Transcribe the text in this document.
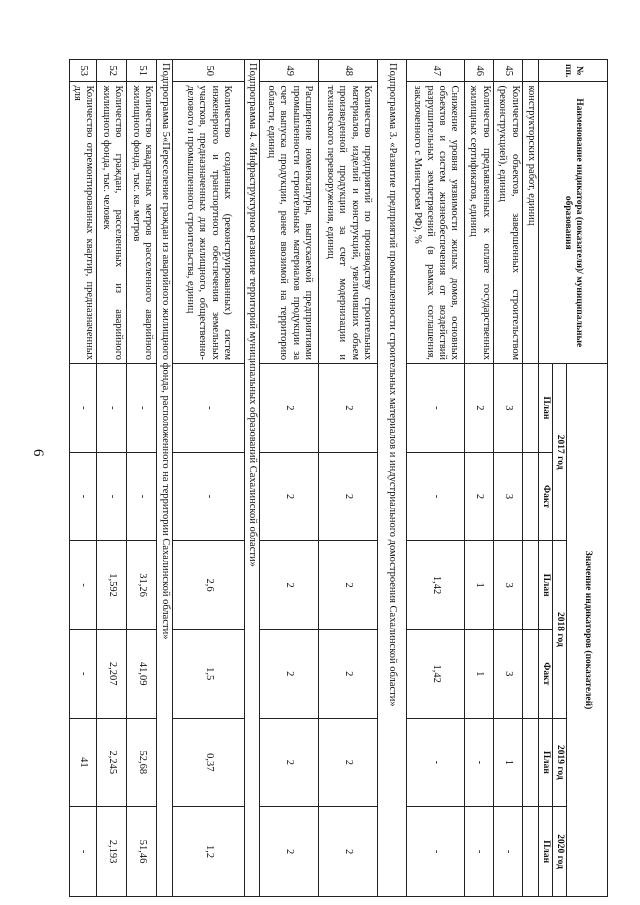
6
№ пп.	Наименование индикатора (показателя)/ муниципальные образования	Значение индикаторов (показателей)					
		2017 год		2018 год		2019 год	2020 год
		План	Факт	План	Факт	План	План
	конструкторских работ, единиц						
45	Количество объектов, завершенных строительством (реконструкцией), единиц	3	3	3	3	1	-
46	Количество предъявленных к оплате государственных жилищных сертификатов, единиц	2	2	1	1	-	-
47	Снижение уровня уязвимости жилых домов, основных объектов и систем жизнеобеспечения от воздействий разрушительных землетрясений (в рамках соглашения, заключенного с Минстроем РФ), %	-	-	1,42	1,42	-	-
Подпрограмма 3. «Развитие предприятий промышленности строительных материалов и индустриального домостроения Сахалинской области»							
48	Количество предприятий по производству строительных материалов, изделий и конструкций, увеличивших объем произведенной продукции за счет модернизации и технического перевооружения, единиц	2	2	2	2	2	2
49	Расширение номенклатуры, выпускаемой предприятиями промышленности строительных материалов продукции за счет выпуска продукции, ранее ввозимой на территорию области, единиц	2	2	2	2	2	2
Подпрограмма 4. «Инфраструктурное развитие территорий муниципальных образований Сахалинской области»							
50	Количество созданных (реконструированных) систем инженерного и транспортного обеспечения земельных участков, предназначенных для жилищного, общественно-делового и промышленного строительства, единиц	-	-	2,6	1,5	0,37	1,2
Подпрограмма 5«Переселение граждан из аварийного жилищного фонда, расположенного на территории Сахалинской области»							
51	Количество квадратных метров расселенного аварийного жилищного фонда, тыс. кв. метров	-	-	31,26	41,09	52,68	51,46
52	Количество граждан, расселенных из аварийного жилищного фонда, тыс. человек	-	-	1,592	2,207	2,245	2,193
53	Количество отремонтированных квартир, предназначенных для	-	-	-	-	41	-
